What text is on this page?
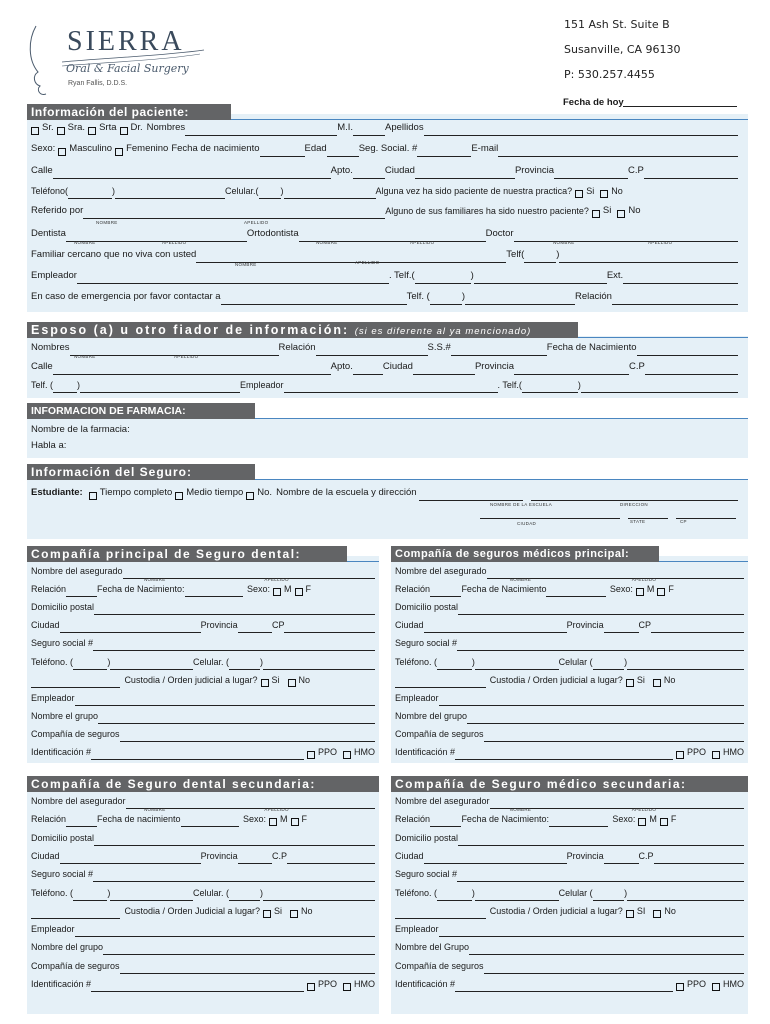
SIERRA
Oral & Facial Surgery
Ryan Fallis, D.D.S.
151 Ash St. Suite B
Susanville, CA 96130
P: 530.257.4455
Fecha de hoy
Información del paciente:
Sr. Sra. Srta Dr. Nombres	M.I.	Apellidos
Sexo: Masculino Femenino Fecha de nacimiento	Edad	Seg. Social. #	E-mail
Calle	Apto.	Ciudad	Provincia	C.P
Teléfono(	)	Celular.( )	Alguna vez ha sido paciente de nuestra practica? Si No
Referido por	Alguno de sus familiares ha sido nuestro paciente? Si No
NOMBRE	APELLIDO
Dentista	Ortodontista	Doctor
NOMBRE	APELLIDO	NOMBRE	APELLIDO	NOMBRE	APELLIDO
Familiar cercano que no viva con usted	Telf(	)
NOMBRE	APELLIDO
Empleador	. Telf.(	)	Ext.
En caso de emergencia por favor contactar a	Telf. (	)	Relación
Esposo (a) u otro fiador de información: (si es diferente al ya mencionado)
Nombres	Relación	S.S.#	Fecha de Nacimiento
NOMBRE	APELLIDO
Calle	Apto.	Ciudad	Provincia	C.P
Telf. (	)	Empleador	. Telf.(	)
INFORMACION DE FARMACIA:
Nombre de la farmacia:
Habla a:
Información del Seguro:
Estudiante: Tiempo completo Medio tiempo No. Nombre de la escuela y dirección
NOMBRE DE LA ESCUELA	DIRECCION
CIUDAD	STATE	CP
Compañía principal de Seguro dental:
Nombre del asegurado
NOMBRE	APELLIDO
Relación	Fecha de Nacimiento:	Sexo: M F
Domicilio postal
Ciudad	Provincia	CP
Seguro social #
Teléfono. (	)	Celular. (	)
Custodia / Orden judicial a lugar? Si No
Empleador
Nombre el grupo
Compañía de seguros
Identificación #	PPO HMO
Compañía de seguros médicos principal:
Nombre del asegurado
NOMBRE	APELLIDO
Relación	Fecha de Nacimiento	Sexo: M F
Domicilio postal
Ciudad	Provincia	CP
Seguro social #
Teléfono. (	)	Celular (	)
Custodia / Orden judicial a lugar? Si No
Empleador
Nombre del grupo
Compañía de seguros
Identificación #	PPO HMO
Compañía de Seguro dental secundaria:
Nombre del asegurador
NOMBRE	APELLIDO
Relación	Fecha de nacimiento	Sexo: M F
Domicilio postal
Ciudad	Provincia	C.P
Seguro social #
Teléfono. (	)	Celular. (	)
Custodia / Orden Judicial a lugar? Si No
Empleador
Nombre del grupo
Compañía de seguros
Identificación #	PPO HMO
Compañía de Seguro médico secundaria:
Nombre del asegurador
NOMBRE	APELLIDO
Relación	Fecha de Nacimiento:	Sexo: M F
Domicilio postal
Ciudad	Provincia	C.P
Seguro social #
Teléfono. (	)	Celular (	)
Custodia / Orden judicial a lugar? SI No
Empleador
Nombre del Grupo
Compañía de seguros
Identificación #	PPO HMO
